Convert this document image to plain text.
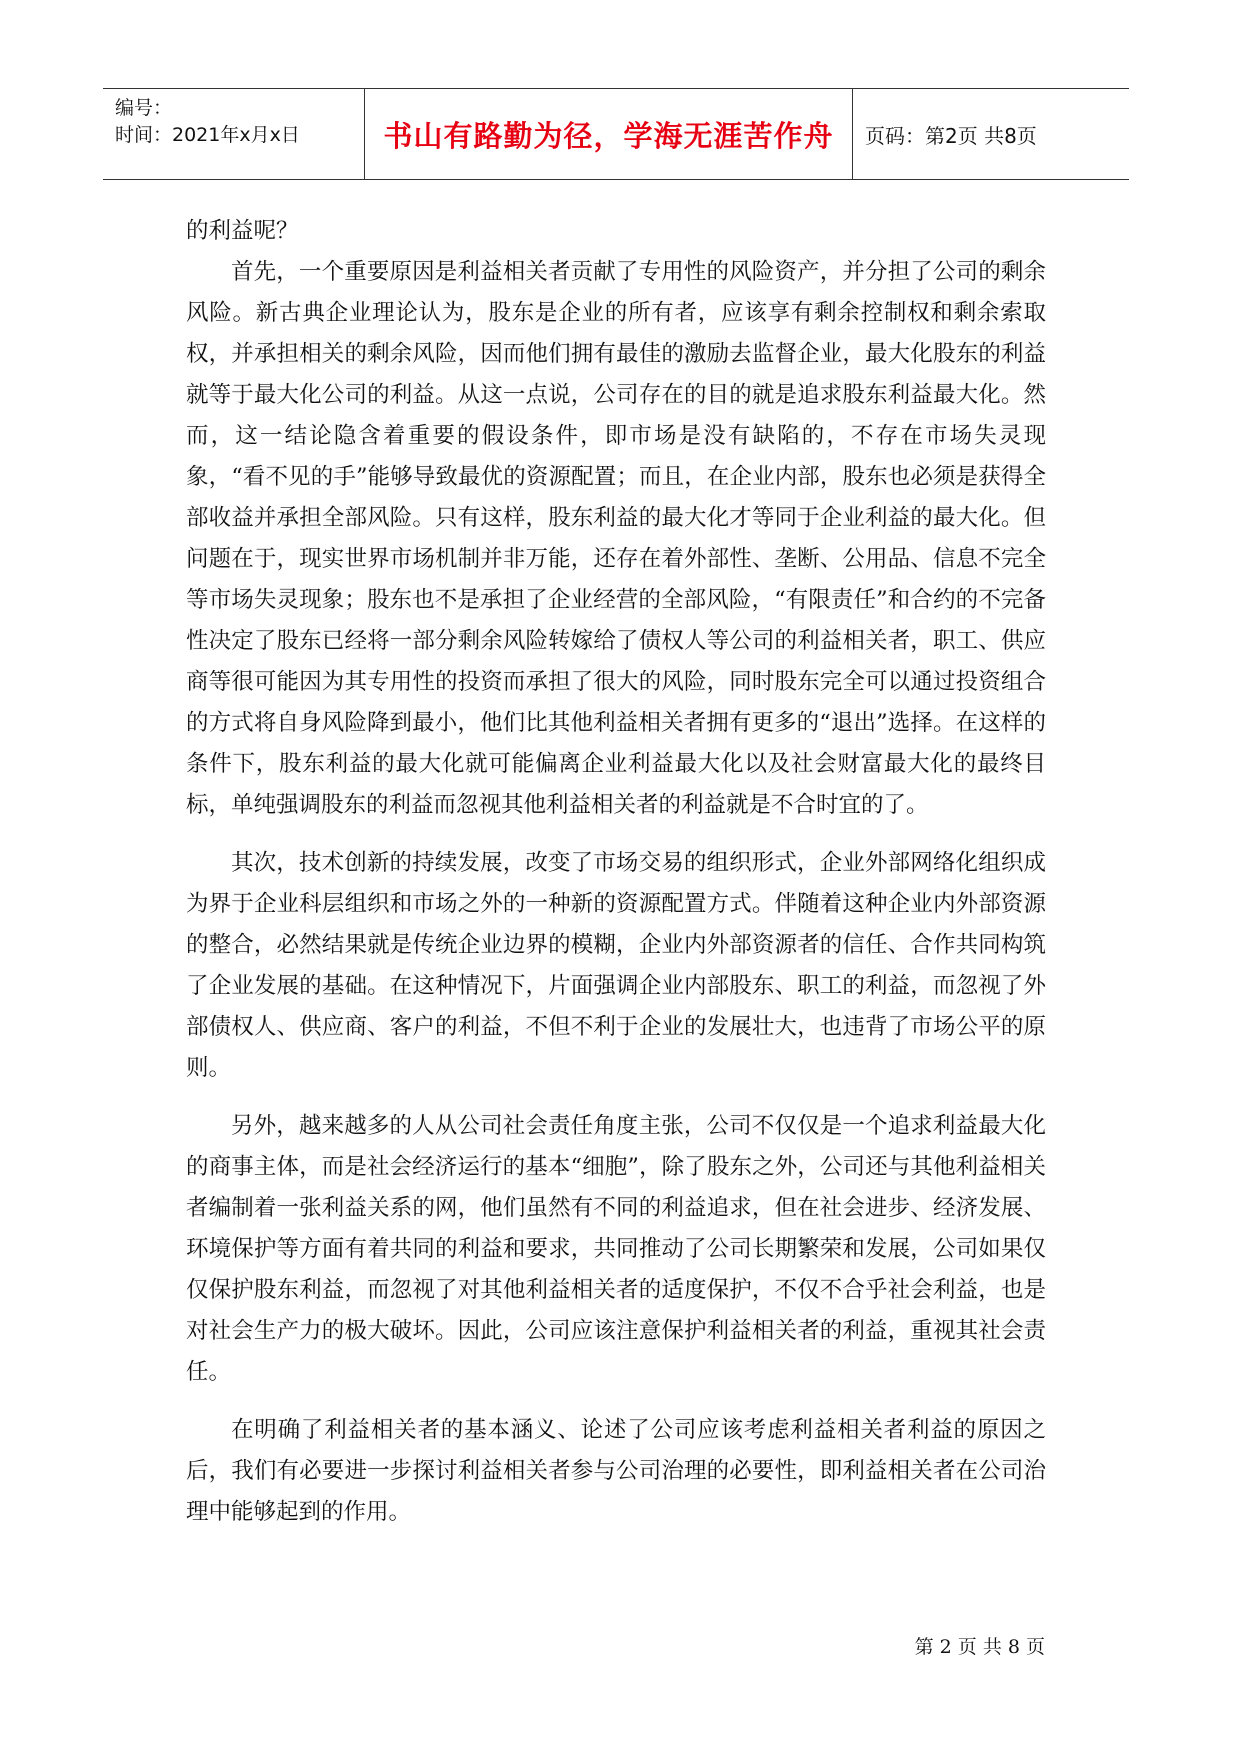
编号：
时间：2021年x月x日	书山有路勤为径，学海无涯苦作舟	页码：第2页 共8页

的利益呢？

首先，一个重要原因是利益相关者贡献了专用性的风险资产，并分担了公司的剩余风险。新古典企业理论认为，股东是企业的所有者，应该享有剩余控制权和剩余索取权，并承担相关的剩余风险，因而他们拥有最佳的激励去监督企业，最大化股东的利益就等于最大化公司的利益。从这一点说，公司存在的目的就是追求股东利益最大化。然而，这一结论隐含着重要的假设条件，即市场是没有缺陷的，不存在市场失灵现象，“看不见的手”能够导致最优的资源配置；而且，在企业内部，股东也必须是获得全部收益并承担全部风险。只有这样，股东利益的最大化才等同于企业利益的最大化。但问题在于，现实世界市场机制并非万能，还存在着外部性、垄断、公用品、信息不完全等市场失灵现象；股东也不是承担了企业经营的全部风险，“有限责任”和合约的不完备性决定了股东已经将一部分剩余风险转嫁给了债权人等公司的利益相关者，职工、供应商等很可能因为其专用性的投资而承担了很大的风险，同时股东完全可以通过投资组合的方式将自身风险降到最小，他们比其他利益相关者拥有更多的“退出”选择。在这样的条件下，股东利益的最大化就可能偏离企业利益最大化以及社会财富最大化的最终目标，单纯强调股东的利益而忽视其他利益相关者的利益就是不合时宜的了。

其次，技术创新的持续发展，改变了市场交易的组织形式，企业外部网络化组织成为界于企业科层组织和市场之外的一种新的资源配置方式。伴随着这种企业内外部资源的整合，必然结果就是传统企业边界的模糊，企业内外部资源者的信任、合作共同构筑了企业发展的基础。在这种情况下，片面强调企业内部股东、职工的利益，而忽视了外部债权人、供应商、客户的利益，不但不利于企业的发展壮大，也违背了市场公平的原则。

另外，越来越多的人从公司社会责任角度主张，公司不仅仅是一个追求利益最大化的商事主体，而是社会经济运行的基本“细胞”，除了股东之外，公司还与其他利益相关者编制着一张利益关系的网，他们虽然有不同的利益追求，但在社会进步、经济发展、环境保护等方面有着共同的利益和要求，共同推动了公司长期繁荣和发展，公司如果仅仅保护股东利益，而忽视了对其他利益相关者的适度保护，不仅不合乎社会利益，也是对社会生产力的极大破坏。因此，公司应该注意保护利益相关者的利益，重视其社会责任。

在明确了利益相关者的基本涵义、论述了公司应该考虑利益相关者利益的原因之后，我们有必要进一步探讨利益相关者参与公司治理的必要性，即利益相关者在公司治理中能够起到的作用。

第 2 页 共 8 页
